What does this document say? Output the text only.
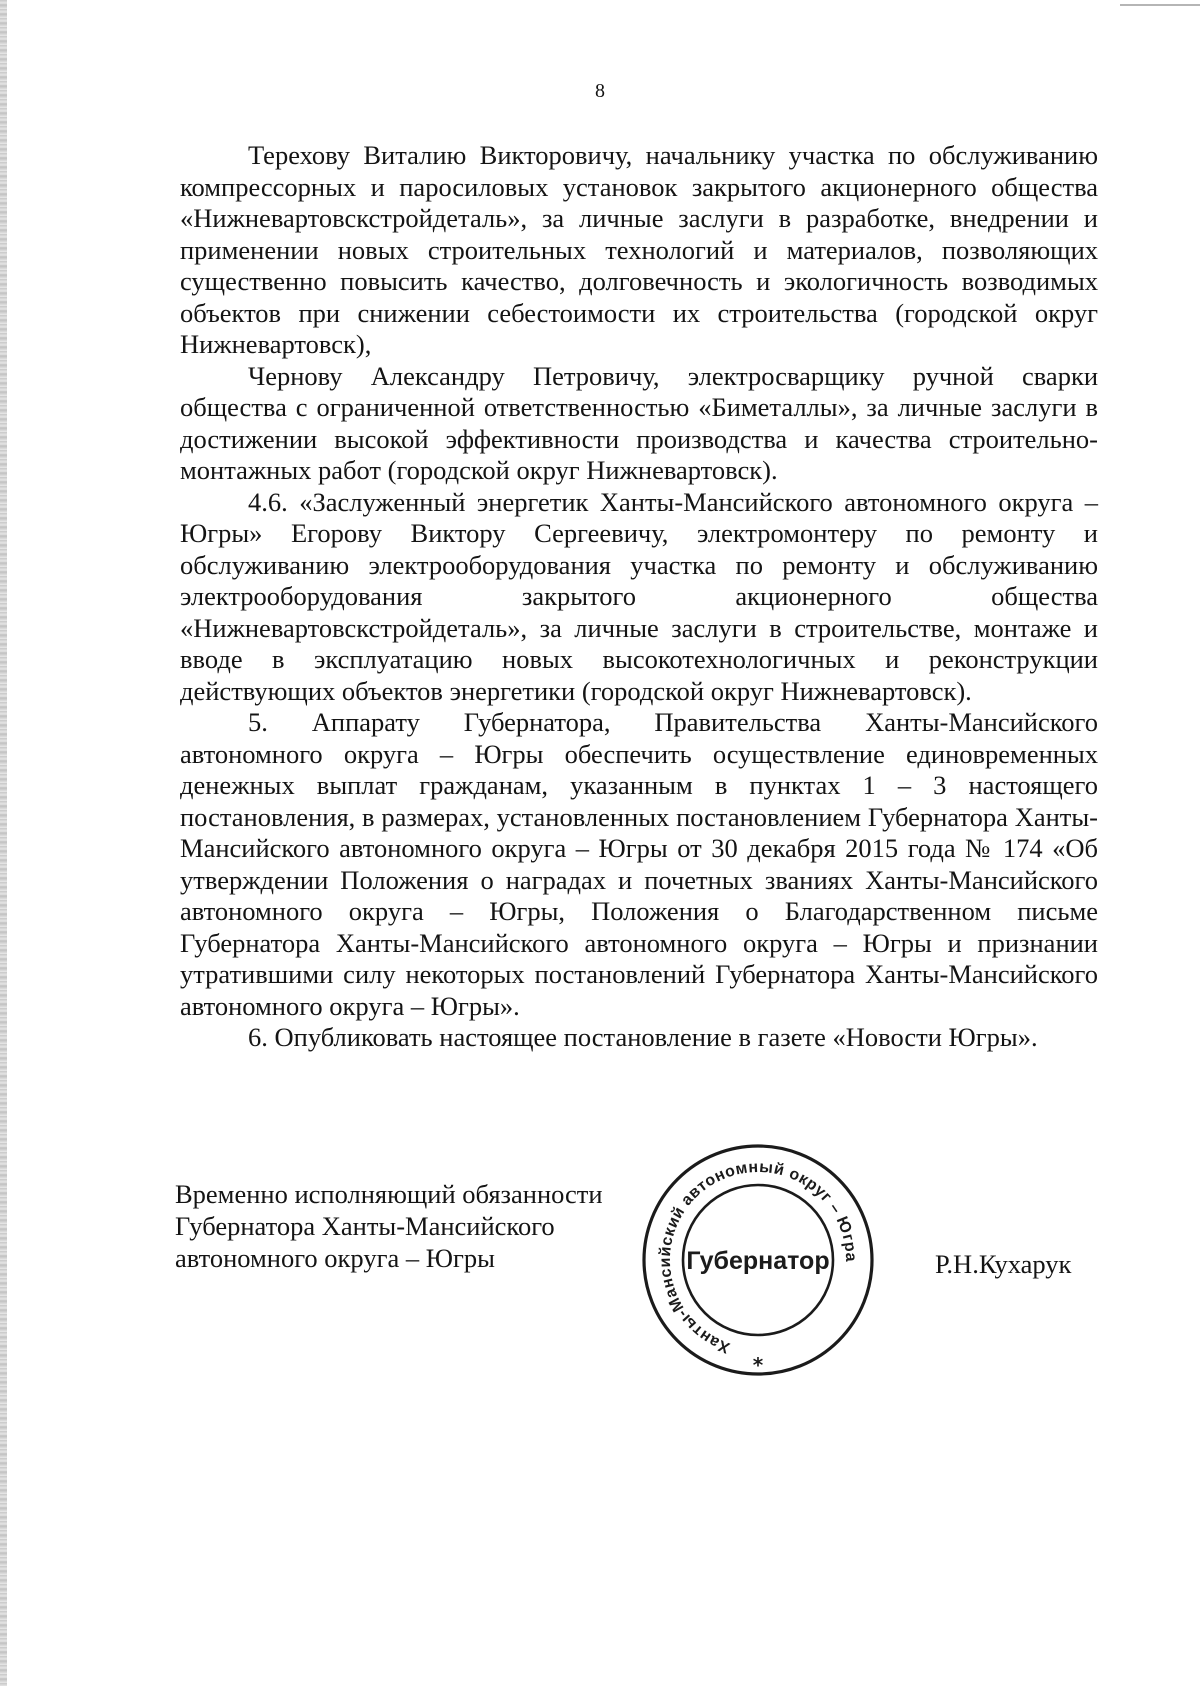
8

Терехову Виталию Викторовичу, начальнику участка по обслуживанию компрессорных и паросиловых установок закрытого акционерного общества «Нижневартовскстройдеталь», за личные заслуги в разработке, внедрении и применении новых строительных технологий и материалов, позволяющих существенно повысить качество, долговечность и экологичность возводимых объектов при снижении себестоимости их строительства (городской округ Нижневартовск),

Чернову Александру Петровичу, электросварщику ручной сварки общества с ограниченной ответственностью «Биметаллы», за личные заслуги в достижении высокой эффективности производства и качества строительно-монтажных работ (городской округ Нижневартовск).

4.6. «Заслуженный энергетик Ханты-Мансийского автономного округа – Югры» Егорову Виктору Сергеевичу, электромонтеру по ремонту и обслуживанию электрооборудования участка по ремонту и обслуживанию электрооборудования закрытого акционерного общества «Нижневартовскстройдеталь», за личные заслуги в строительстве, монтаже и вводе в эксплуатацию новых высокотехнологичных и реконструкции действующих объектов энергетики (городской округ Нижневартовск).

5. Аппарату Губернатора, Правительства Ханты-Мансийского автономного округа – Югры обеспечить осуществление единовременных денежных выплат гражданам, указанным в пунктах 1 – 3 настоящего постановления, в размерах, установленных постановлением Губернатора Ханты-Мансийского автономного округа – Югры от 30 декабря 2015 года № 174 «Об утверждении Положения о наградах и почетных званиях Ханты-Мансийского автономного округа – Югры, Положения о Благодарственном письме Губернатора Ханты-Мансийского автономного округа – Югры и признании утратившими силу некоторых постановлений Губернатора Ханты-Мансийского автономного округа – Югры».

6. Опубликовать настоящее постановление в газете «Новости Югры».

Временно исполняющий обязанности
Губернатора Ханты-Мансийского
автономного округа – Югры
Ханты-Мансийский автономный округ – Югра
Губернатор
*
Р.Н.Кухарук
